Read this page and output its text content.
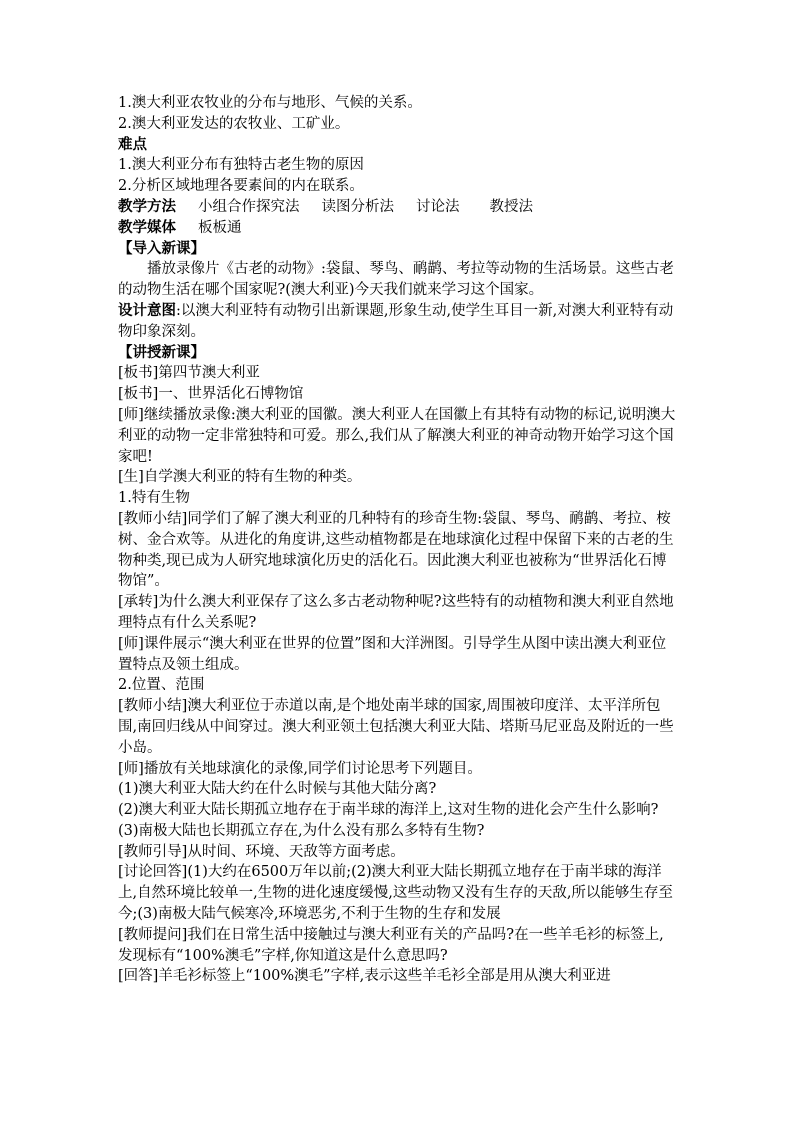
1.澳大利亚农牧业的分布与地形、气候的关系。
2.澳大利亚发达的农牧业、工矿业。
难点
1.澳大利亚分布有独特古老生物的原因
2.分析区域地理各要素间的内在联系。
教学方法 小组合作探究法 读图分析法 讨论法 教授法
教学媒体 板板通
【导入新课】
播放录像片《古老的动物》:袋鼠、琴鸟、鸸鹋、考拉等动物的生活场景。这些古老的动物生活在哪个国家呢?(澳大利亚)今天我们就来学习这个国家。
设计意图:以澳大利亚特有动物引出新课题,形象生动,使学生耳目一新,对澳大利亚特有动物印象深刻。
【讲授新课】
[板书]第四节澳大利亚
[板书]一、世界活化石博物馆
[师]继续播放录像:澳大利亚的国徽。澳大利亚人在国徽上有其特有动物的标记,说明澳大利亚的动物一定非常独特和可爱。那么,我们从了解澳大利亚的神奇动物开始学习这个国家吧!
[生]自学澳大利亚的特有生物的种类。
1.特有生物
[教师小结]同学们了解了澳大利亚的几种特有的珍奇生物:袋鼠、琴鸟、鸸鹋、考拉、桉树、金合欢等。从进化的角度讲,这些动植物都是在地球演化过程中保留下来的古老的生物种类,现已成为人研究地球演化历史的活化石。因此澳大利亚也被称为“世界活化石博物馆”。
[承转]为什么澳大利亚保存了这么多古老动物种呢?这些特有的动植物和澳大利亚自然地理特点有什么关系呢?
[师]课件展示“澳大利亚在世界的位置”图和大洋洲图。引导学生从图中读出澳大利亚位置特点及领土组成。
2.位置、范围
[教师小结]澳大利亚位于赤道以南,是个地处南半球的国家,周围被印度洋、太平洋所包围,南回归线从中间穿过。澳大利亚领土包括澳大利亚大陆、塔斯马尼亚岛及附近的一些小岛。
[师]播放有关地球演化的录像,同学们讨论思考下列题目。
(1)澳大利亚大陆大约在什么时候与其他大陆分离?
(2)澳大利亚大陆长期孤立地存在于南半球的海洋上,这对生物的进化会产生什么影响?
(3)南极大陆也长期孤立存在,为什么没有那么多特有生物?
[教师引导]从时间、环境、天敌等方面考虑。
[讨论回答](1)大约在6500万年以前;(2)澳大利亚大陆长期孤立地存在于南半球的海洋上,自然环境比较单一,生物的进化速度缓慢,这些动物又没有生存的天敌,所以能够生存至今;(3)南极大陆气候寒冷,环境恶劣,不利于生物的生存和发展
[教师提问]我们在日常生活中接触过与澳大利亚有关的产品吗?在一些羊毛衫的标签上,发现标有“100%澳毛”字样,你知道这是什么意思吗?
[回答]羊毛衫标签上“100%澳毛”字样,表示这些羊毛衫全部是用从澳大利亚进
